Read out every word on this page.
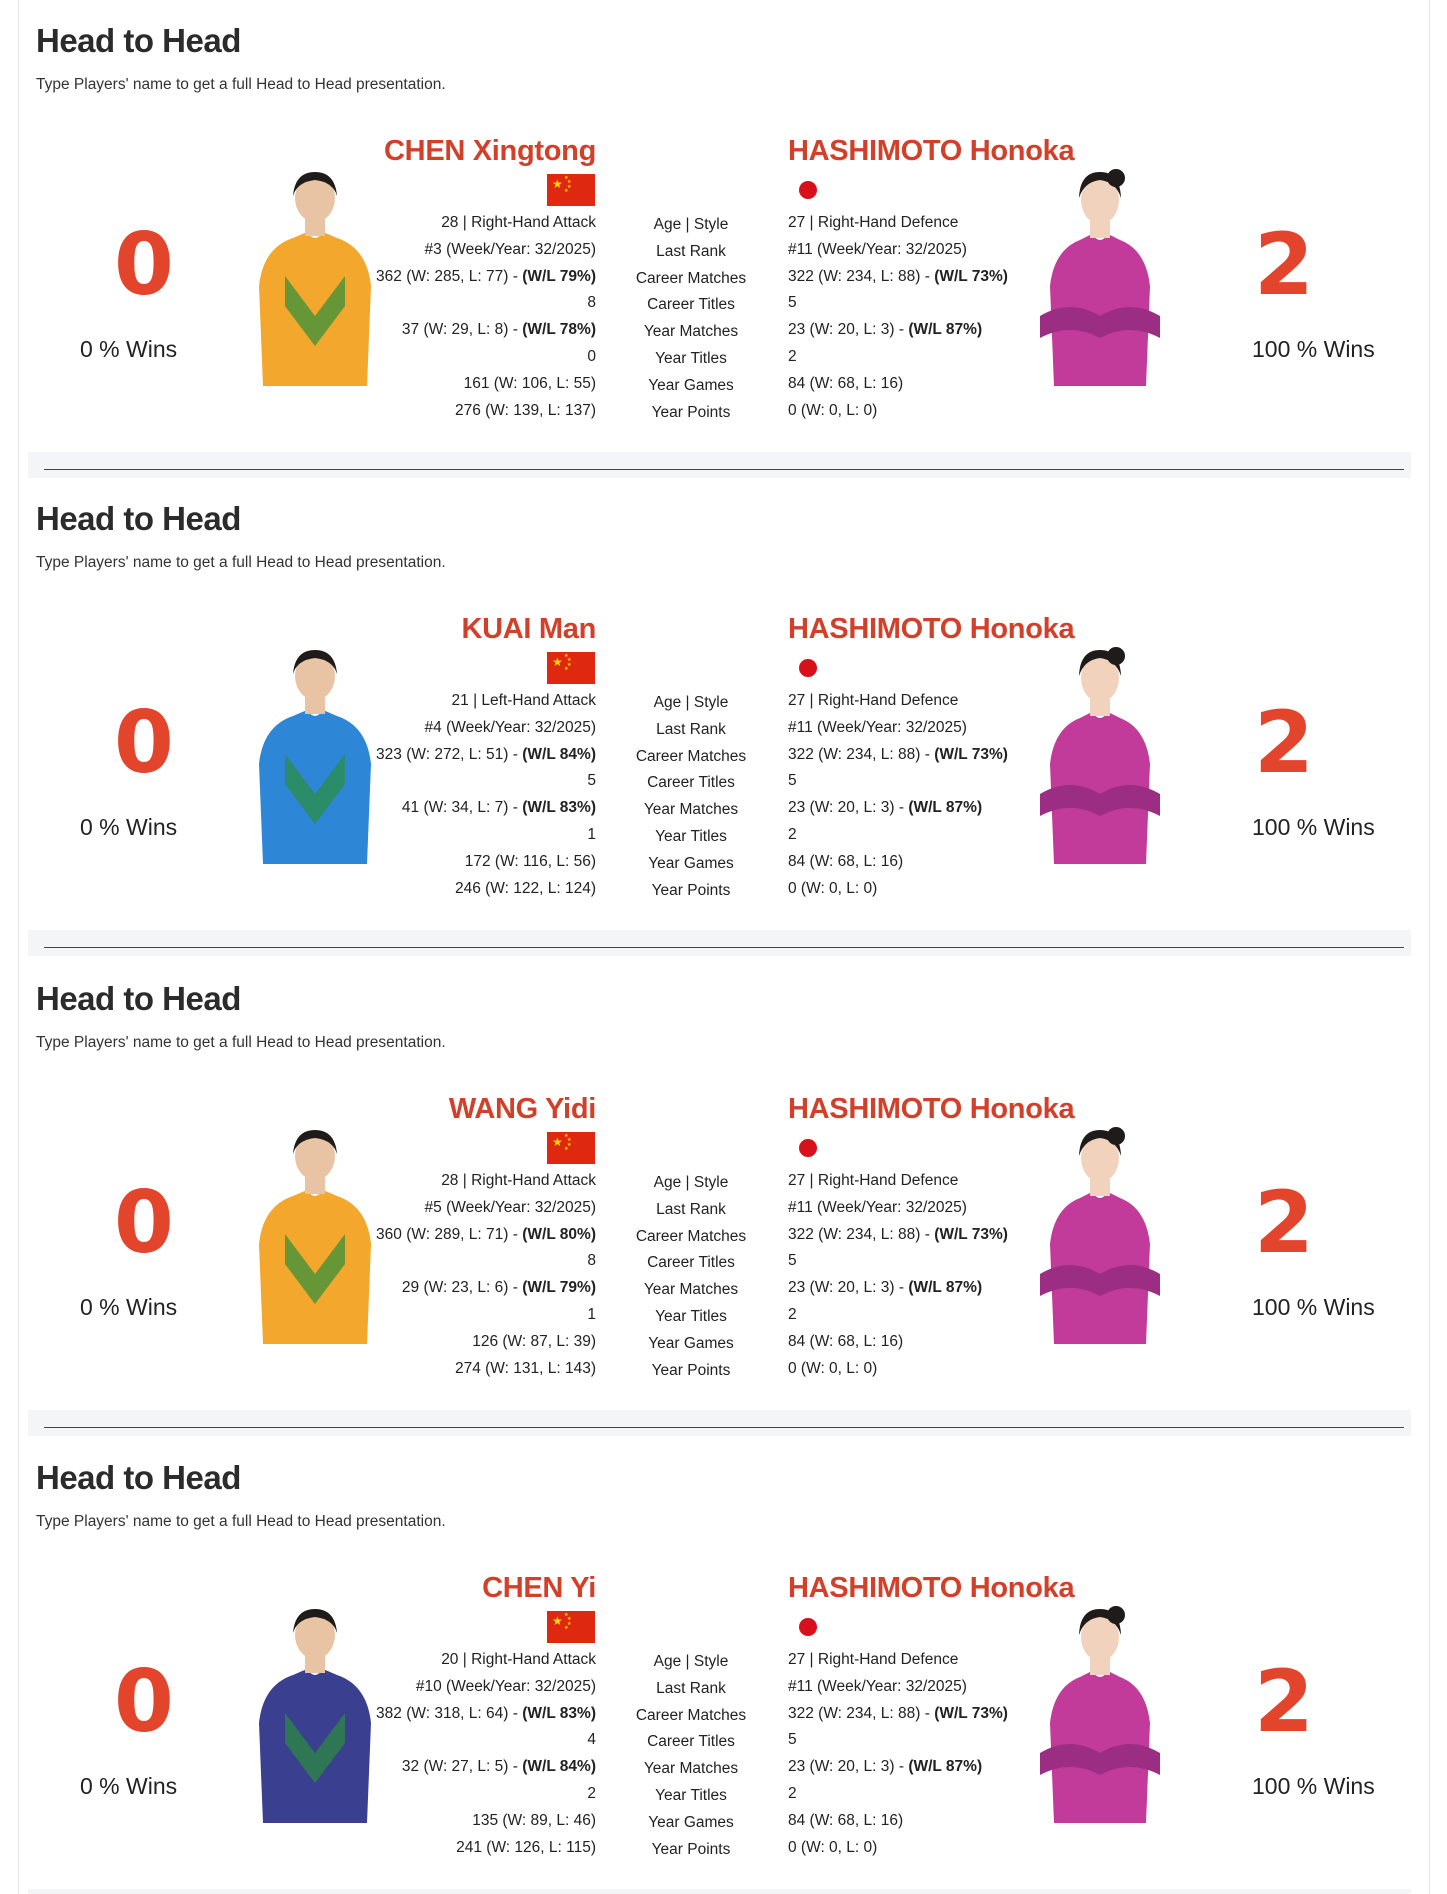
Head to Head
Type Players' name to get a full Head to Head presentation.
0
0 % Wins
CHEN Xingtong
★ ★
★
★
★
28 | Right-Hand Attack
#3 (Week/Year: 32/2025)
362 (W: 285, L: 77) - (W/L 79%)
8
37 (W: 29, L: 8) - (W/L 78%)
0
161 (W: 106, L: 55)
276 (W: 139, L: 137)
Age | Style
Last Rank
Career Matches
Career Titles
Year Matches
Year Titles
Year Games
Year Points
HASHIMOTO Honoka
27 | Right-Hand Defence
#11 (Week/Year: 32/2025)
322 (W: 234, L: 88) - (W/L 73%)
5
23 (W: 20, L: 3) - (W/L 87%)
2
84 (W: 68, L: 16)
0 (W: 0, L: 0)
2
100 % Wins
Head to Head
Type Players' name to get a full Head to Head presentation.
0
0 % Wins
KUAI Man
★ ★
★
★
★
21 | Left-Hand Attack
#4 (Week/Year: 32/2025)
323 (W: 272, L: 51) - (W/L 84%)
5
41 (W: 34, L: 7) - (W/L 83%)
1
172 (W: 116, L: 56)
246 (W: 122, L: 124)
Age | Style
Last Rank
Career Matches
Career Titles
Year Matches
Year Titles
Year Games
Year Points
HASHIMOTO Honoka
27 | Right-Hand Defence
#11 (Week/Year: 32/2025)
322 (W: 234, L: 88) - (W/L 73%)
5
23 (W: 20, L: 3) - (W/L 87%)
2
84 (W: 68, L: 16)
0 (W: 0, L: 0)
2
100 % Wins
Head to Head
Type Players' name to get a full Head to Head presentation.
0
0 % Wins
WANG Yidi
★ ★
★
★
★
28 | Right-Hand Attack
#5 (Week/Year: 32/2025)
360 (W: 289, L: 71) - (W/L 80%)
8
29 (W: 23, L: 6) - (W/L 79%)
1
126 (W: 87, L: 39)
274 (W: 131, L: 143)
Age | Style
Last Rank
Career Matches
Career Titles
Year Matches
Year Titles
Year Games
Year Points
HASHIMOTO Honoka
27 | Right-Hand Defence
#11 (Week/Year: 32/2025)
322 (W: 234, L: 88) - (W/L 73%)
5
23 (W: 20, L: 3) - (W/L 87%)
2
84 (W: 68, L: 16)
0 (W: 0, L: 0)
2
100 % Wins
Head to Head
Type Players' name to get a full Head to Head presentation.
0
0 % Wins
CHEN Yi
★ ★
★
★
★
20 | Right-Hand Attack
#10 (Week/Year: 32/2025)
382 (W: 318, L: 64) - (W/L 83%)
4
32 (W: 27, L: 5) - (W/L 84%)
2
135 (W: 89, L: 46)
241 (W: 126, L: 115)
Age | Style
Last Rank
Career Matches
Career Titles
Year Matches
Year Titles
Year Games
Year Points
HASHIMOTO Honoka
27 | Right-Hand Defence
#11 (Week/Year: 32/2025)
322 (W: 234, L: 88) - (W/L 73%)
5
23 (W: 20, L: 3) - (W/L 87%)
2
84 (W: 68, L: 16)
0 (W: 0, L: 0)
2
100 % Wins
